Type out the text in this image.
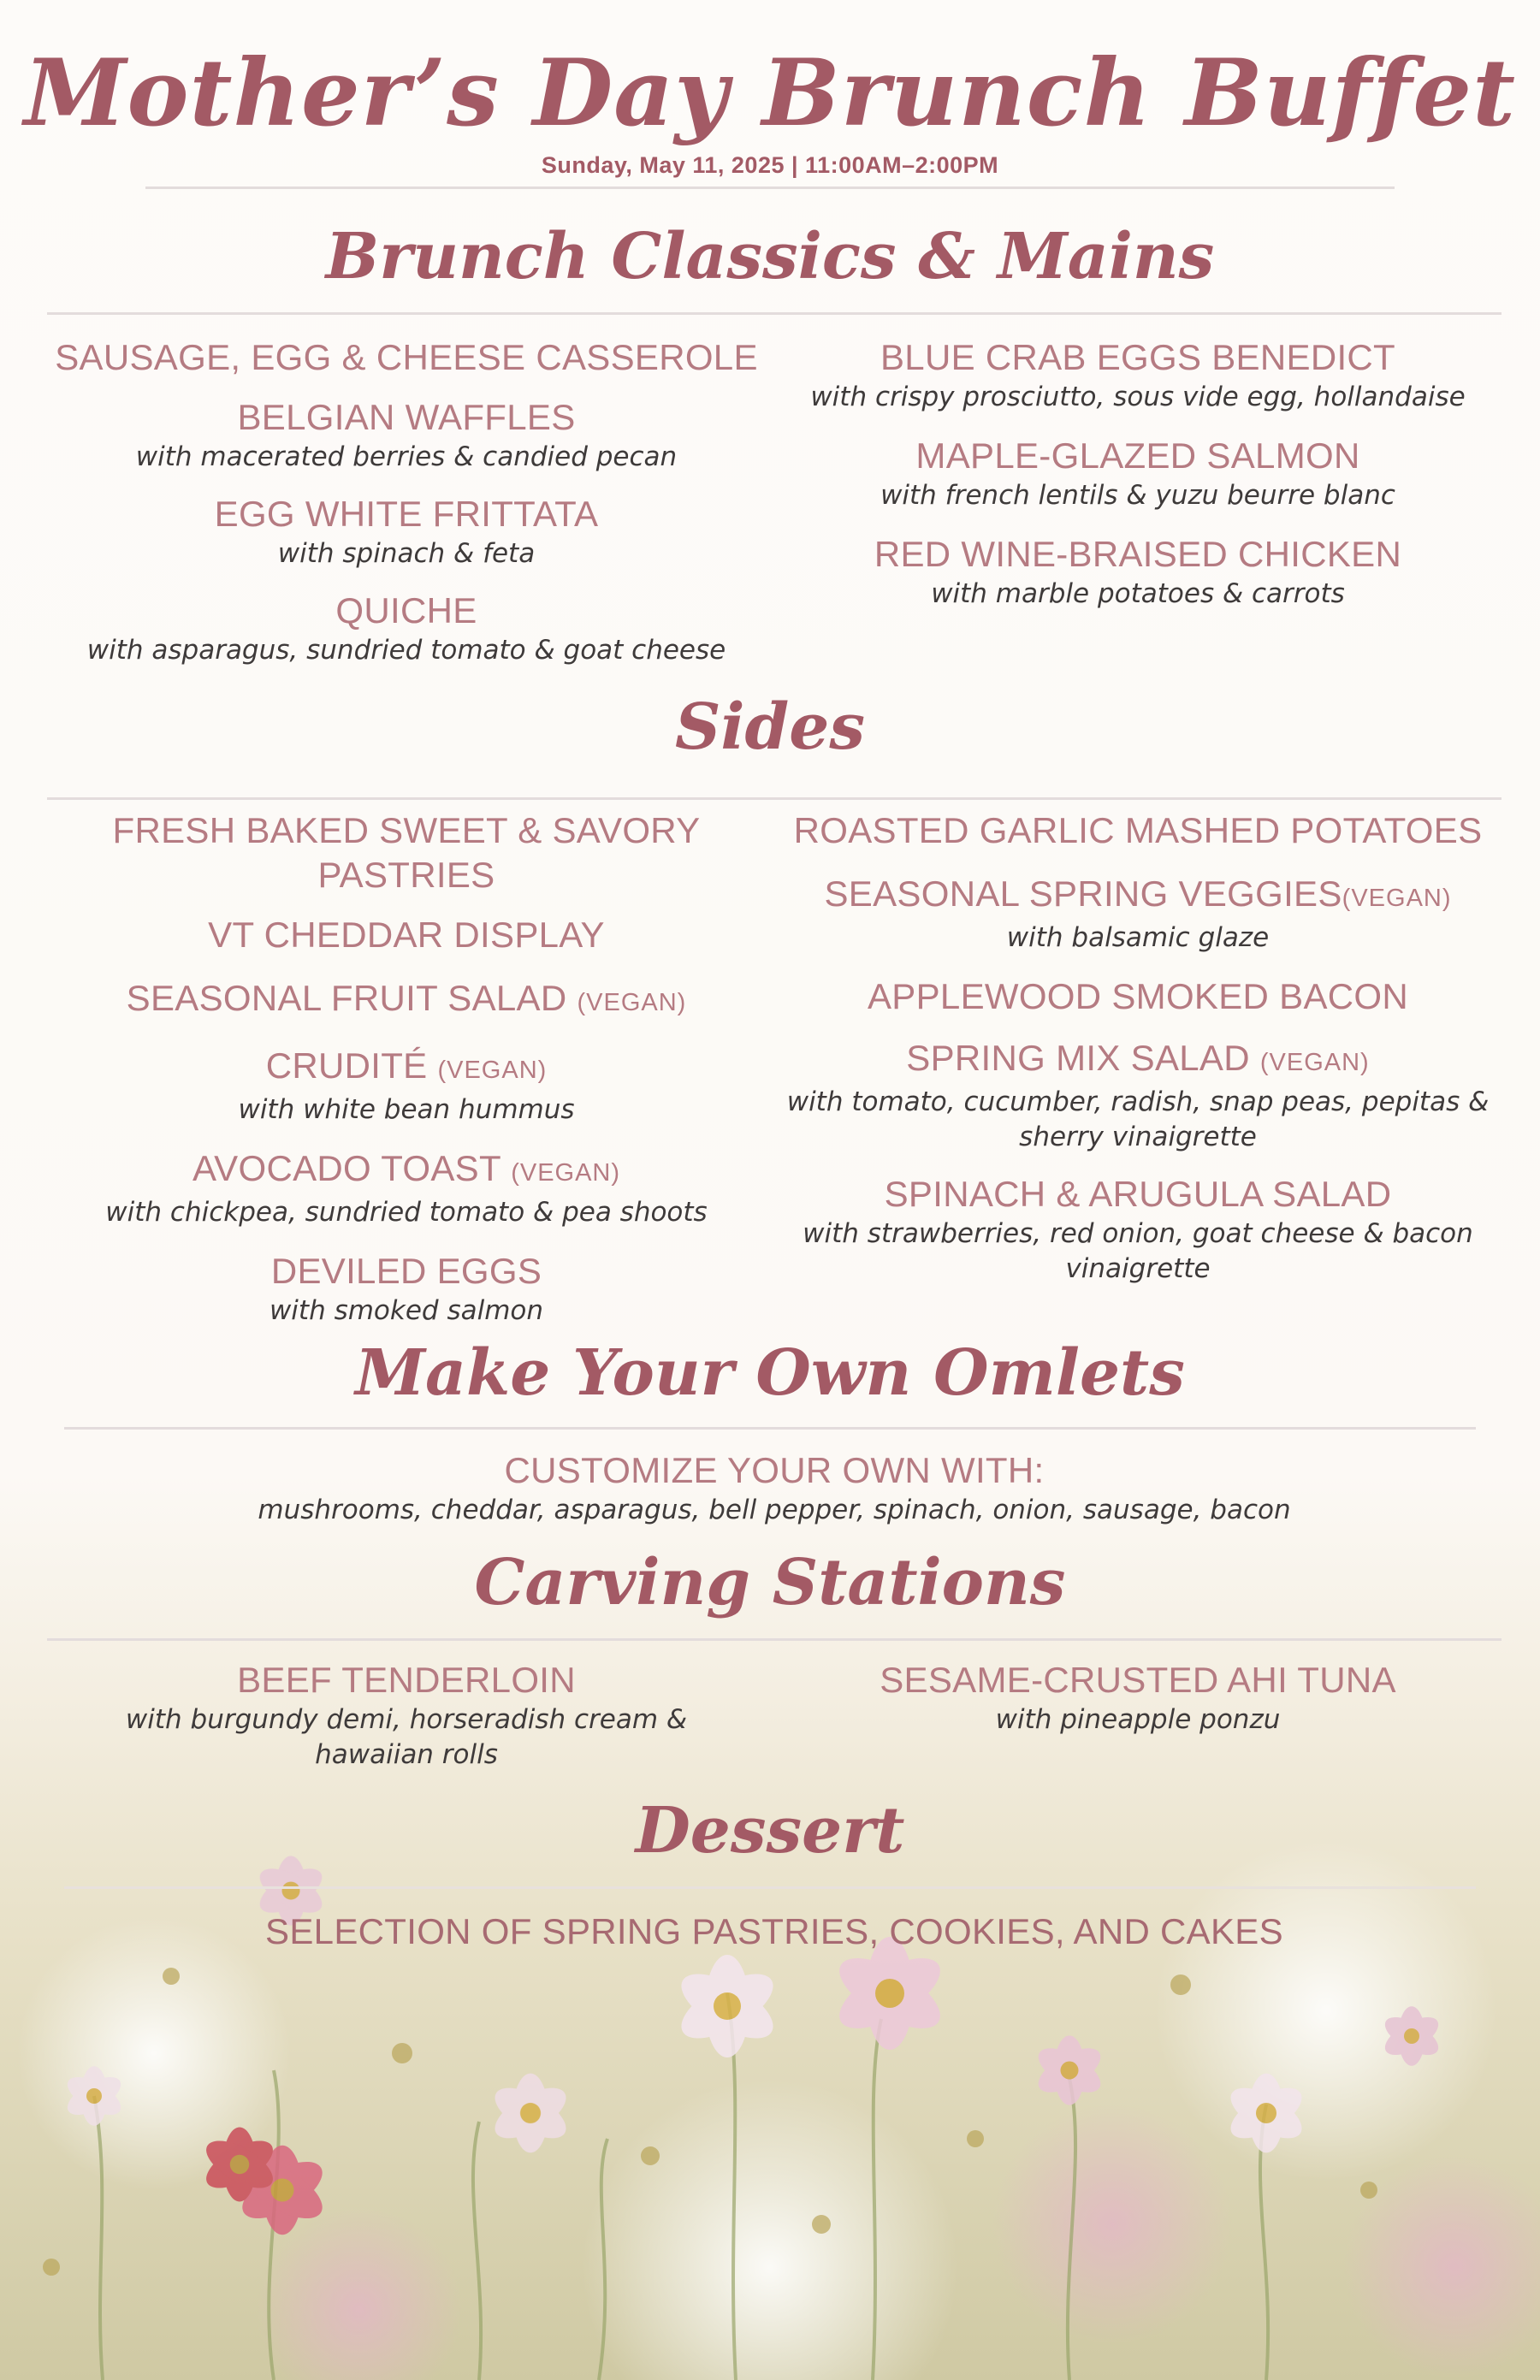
Mother’s Day Brunch Buffet
Sunday, May 11, 2025 | 11:00AM–2:00PM
Brunch Classics & Mains
SAUSAGE, EGG & CHEESE CASSEROLE
BELGIAN WAFFLES
with macerated berries & candied pecan
EGG WHITE FRITTATA
with spinach & feta
QUICHE
with asparagus, sundried tomato & goat cheese
BLUE CRAB EGGS BENEDICT
with crispy prosciutto, sous vide egg, hollandaise
MAPLE-GLAZED SALMON
with french lentils & yuzu beurre blanc
RED WINE-BRAISED CHICKEN
with marble potatoes & carrots
Sides
FRESH BAKED SWEET & SAVORY PASTRIES
VT CHEDDAR DISPLAY
SEASONAL FRUIT SALAD (VEGAN)
CRUDITÉ (VEGAN)
with white bean hummus
AVOCADO TOAST (VEGAN)
with chickpea, sundried tomato & pea shoots
DEVILED EGGS
with smoked salmon
ROASTED GARLIC MASHED POTATOES
SEASONAL SPRING VEGGIES(VEGAN)
with balsamic glaze
APPLEWOOD SMOKED BACON
SPRING MIX SALAD (VEGAN)
with tomato, cucumber, radish, snap peas, pepitas & sherry vinaigrette
SPINACH & ARUGULA SALAD
with strawberries, red onion, goat cheese & bacon vinaigrette
Make Your Own Omlets
CUSTOMIZE YOUR OWN WITH:
mushrooms, cheddar, asparagus, bell pepper, spinach, onion, sausage, bacon
Carving Stations
BEEF TENDERLOIN
with burgundy demi, horseradish cream & hawaiian rolls
SESAME-CRUSTED AHI TUNA
with pineapple ponzu
Dessert
SELECTION OF SPRING PASTRIES, COOKIES, AND CAKES
